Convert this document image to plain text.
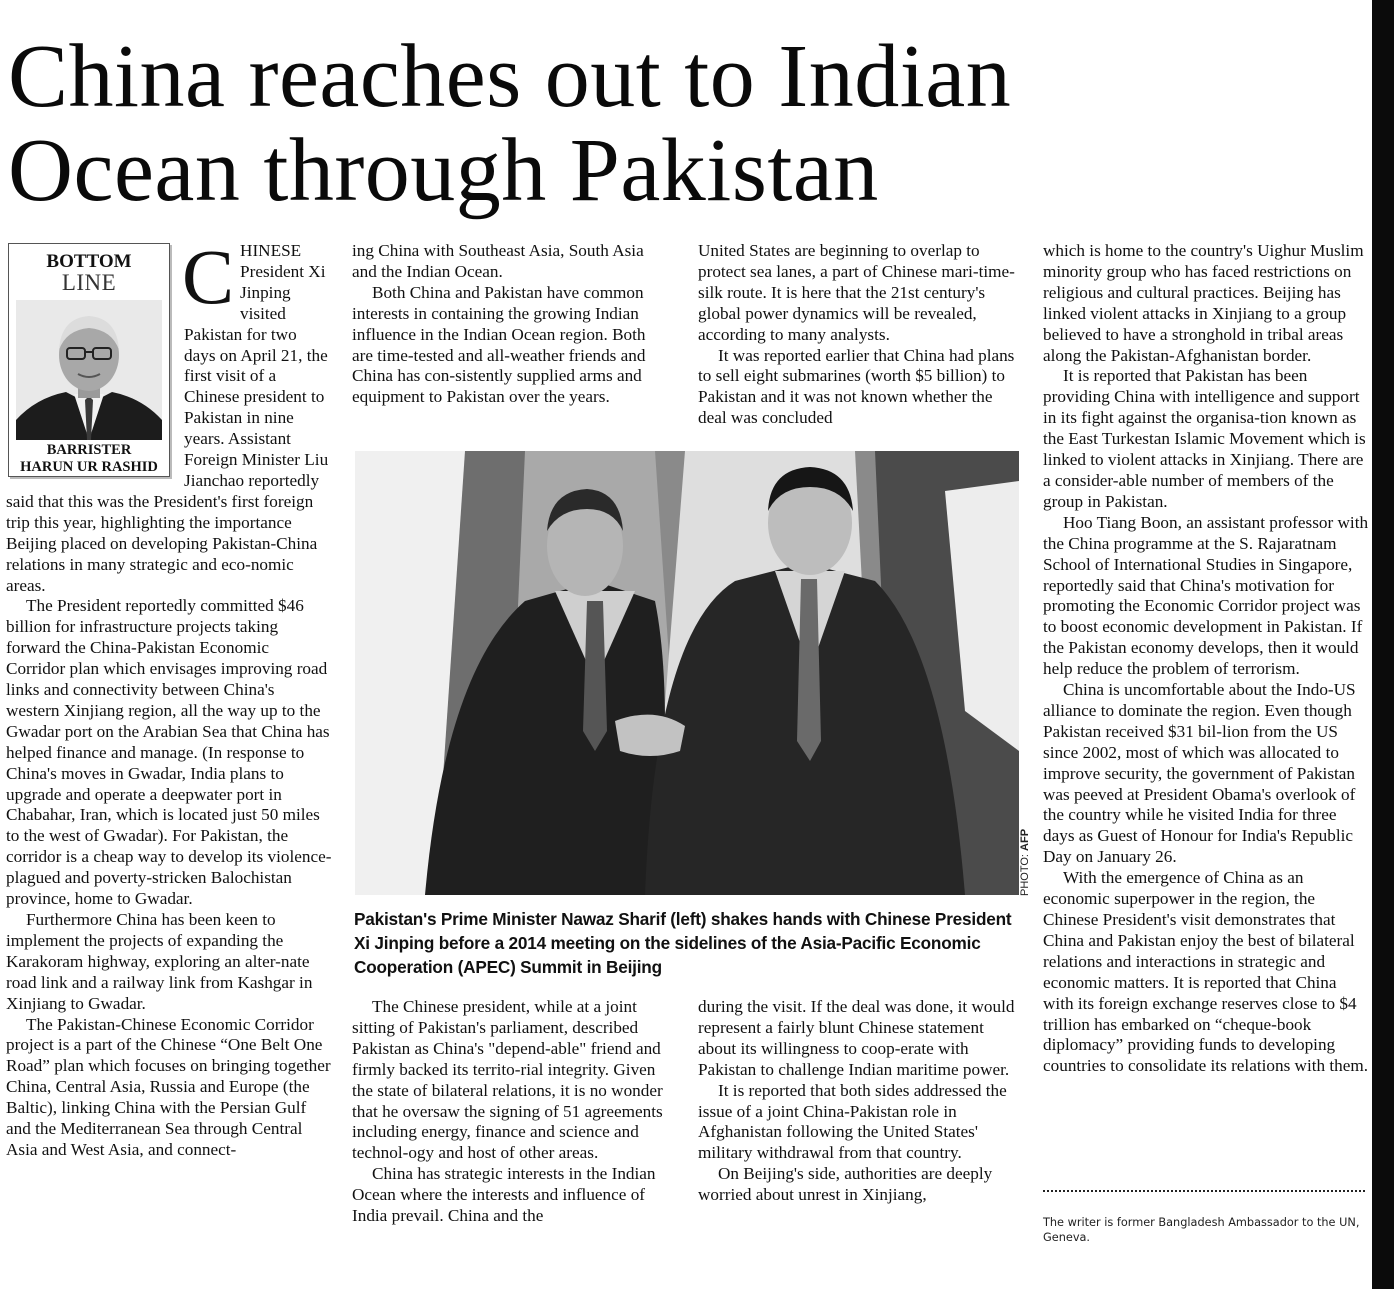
China reaches out to Indian Ocean through Pakistan
BOTTOM
LINE
BARRISTER
HARUN UR RASHID
C HINESE President Xi Jinping visited Pakistan for two days on April 21, the first visit of a Chinese president to Pakistan in nine years. Assistant Foreign Minister Liu Jianchao reportedly said that this was the President's first foreign trip this year, highlighting the importance Beijing placed on developing Pakistan-China relations in many strategic and eco-nomic areas.

The President reportedly committed $46 billion for infrastructure projects taking forward the China-Pakistan Economic Corridor plan which envisages improving road links and connectivity between China's western Xinjiang region, all the way up to the Gwadar port on the Arabian Sea that China has helped finance and manage. (In response to China's moves in Gwadar, India plans to upgrade and operate a deepwater port in Chabahar, Iran, which is located just 50 miles to the west of Gwadar). For Pakistan, the corridor is a cheap way to develop its violence-plagued and poverty-stricken Balochistan province, home to Gwadar.

Furthermore China has been keen to implement the projects of expanding the Karakoram highway, exploring an alter-nate road link and a railway link from Kashgar in Xinjiang to Gwadar.

The Pakistan-Chinese Economic Corridor project is a part of the Chinese “One Belt One Road” plan which focuses on bringing together China, Central Asia, Russia and Europe (the Baltic), linking China with the Persian Gulf and the Mediterranean Sea through Central Asia and West Asia, and connect-

ing China with Southeast Asia, South Asia and the Indian Ocean.

Both China and Pakistan have common interests in containing the growing Indian influence in the Indian Ocean region. Both are time-tested and all-weather friends and China has con-sistently supplied arms and equipment to Pakistan over the years.

United States are beginning to overlap to protect sea lanes, a part of Chinese mari-time-silk route. It is here that the 21st century's global power dynamics will be revealed, according to many analysts.

It was reported earlier that China had plans to sell eight submarines (worth $5 billion) to Pakistan and it was not known whether the deal was concluded

PHOTO: AFP

Pakistan's Prime Minister Nawaz Sharif (left) shakes hands with Chinese President Xi Jinping before a 2014 meeting on the sidelines of the Asia-Pacific Economic Cooperation (APEC) Summit in Beijing

The Chinese president, while at a joint sitting of Pakistan's parliament, described Pakistan as China's "depend-able" friend and firmly backed its territo-rial integrity. Given the state of bilateral relations, it is no wonder that he oversaw the signing of 51 agreements including energy, finance and science and technol-ogy and host of other areas.

China has strategic interests in the Indian Ocean where the interests and influence of India prevail. China and the

during the visit. If the deal was done, it would represent a fairly blunt Chinese statement about its willingness to coop-erate with Pakistan to challenge Indian maritime power.

It is reported that both sides addressed the issue of a joint China-Pakistan role in Afghanistan following the United States' military withdrawal from that country.

On Beijing's side, authorities are deeply worried about unrest in Xinjiang,

which is home to the country's Uighur Muslim minority group who has faced restrictions on religious and cultural practices. Beijing has linked violent attacks in Xinjiang to a group believed to have a stronghold in tribal areas along the Pakistan-Afghanistan border.

It is reported that Pakistan has been providing China with intelligence and support in its fight against the organisa-tion known as the East Turkestan Islamic Movement which is linked to violent attacks in Xinjiang. There are a consider-able number of members of the group in Pakistan.

Hoo Tiang Boon, an assistant professor with the China programme at the S. Rajaratnam School of International Studies in Singapore, reportedly said that China's motivation for promoting the Economic Corridor project was to boost economic development in Pakistan. If the Pakistan economy develops, then it would help reduce the problem of terrorism.

China is uncomfortable about the Indo-US alliance to dominate the region. Even though Pakistan received $31 bil-lion from the US since 2002, most of which was allocated to improve security, the government of Pakistan was peeved at President Obama's overlook of the country while he visited India for three days as Guest of Honour for India's Republic Day on January 26.

With the emergence of China as an economic superpower in the region, the Chinese President's visit demonstrates that China and Pakistan enjoy the best of bilateral relations and interactions in strategic and economic matters. It is reported that China with its foreign exchange reserves close to $4 trillion has embarked on “cheque-book diplomacy” providing funds to developing countries to consolidate its relations with them.

The writer is former Bangladesh Ambassador to the UN, Geneva.
